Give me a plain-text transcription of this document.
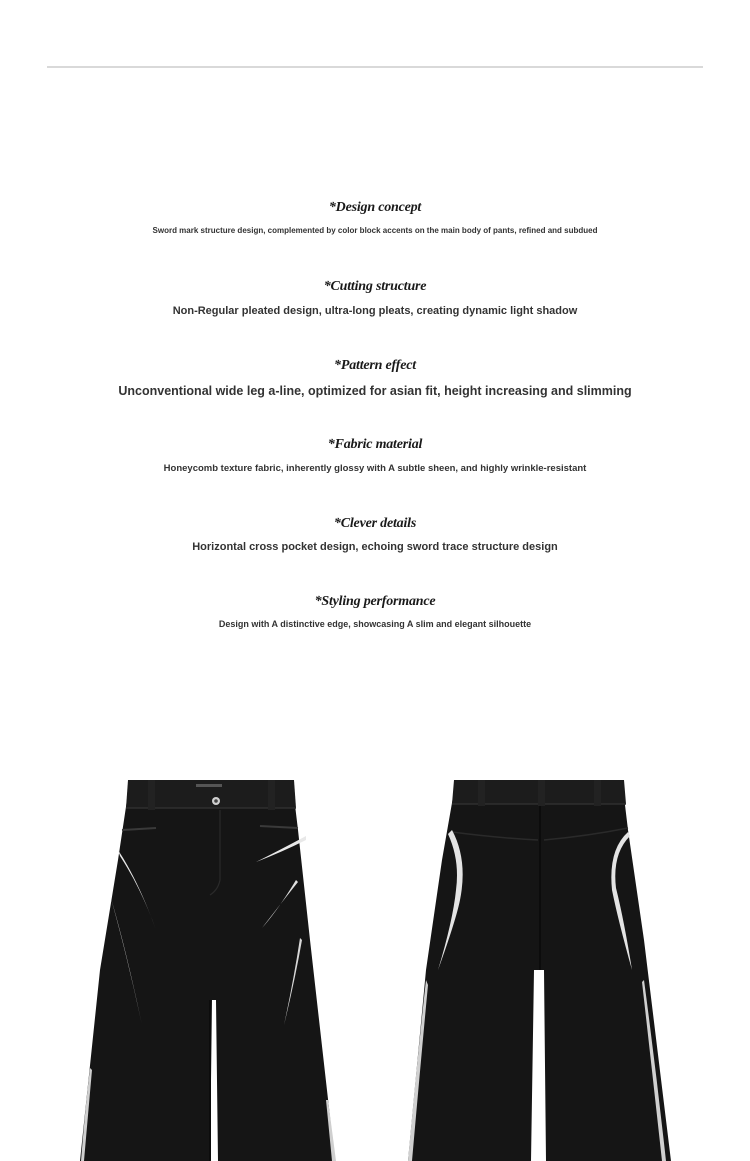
*Design concept

Sword mark structure design, complemented by color block accents on the main body of pants, refined and subdued

*Cutting structure

Non-Regular pleated design, ultra-long pleats, creating dynamic light shadow

*Pattern effect

Unconventional wide leg a-line, optimized for asian fit, height increasing and slimming

*Fabric material

Honeycomb texture fabric, inherently glossy with A subtle sheen, and highly wrinkle-resistant

*Clever details

Horizontal cross pocket design, echoing sword trace structure design

*Styling performance

Design with A distinctive edge, showcasing A slim and elegant silhouette
